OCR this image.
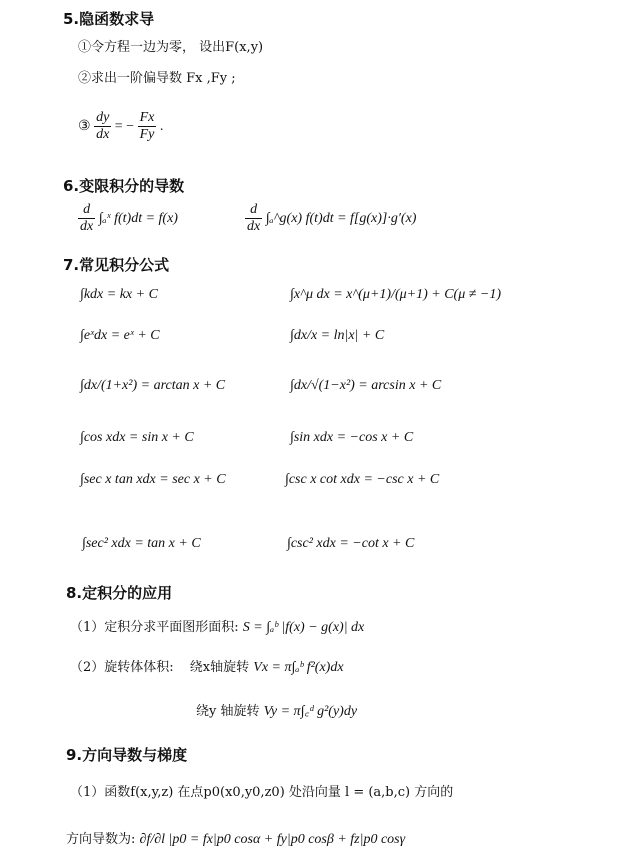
5.隐函数求导
①令方程一边为零， 设出F(x,y)
②求出一阶偏导数 Fx ,Fy ;
③ $\frac{dy}{dx}$ = − $\frac{Fx}{Fy}$ .
6.变限积分的导数
$\frac{d}{dx}$ ∫ₐˣ f(t)dt = f(x)	$\frac{d}{dx}$ ∫ₐ^g(x) f(t)dt = f[g(x)]·g′(x)
7.常见积分公式
∫kdx = kx + C	∫x^μ dx = x^(μ+1)/(μ+1) + C(μ ≠ −1)
∫eˣdx = eˣ + C	∫dx/x = ln|x| + C
∫dx/(1+x²) = arctan x + C	∫dx/√(1−x²) = arcsin x + C
∫cos xdx = sin x + C	∫sin xdx = −cos x + C
∫sec x tan xdx = sec x + C	∫csc x cot xdx = −csc x + C
∫sec² xdx = tan x + C	∫csc² xdx = −cot x + C
8.定积分的应用
（1）定积分求平面图形面积: S = ∫ₐᵇ |f(x) − g(x)| dx
（2）旋转体体积: 绕x轴旋转 Vx = π∫ₐᵇ f²(x)dx
绕y 轴旋转 Vy = π∫꜀ᵈ g²(y)dy
9.方向导数与梯度
（1）函数f(x,y,z) 在点p0(x0,y0,z0) 处沿向量 l = (a,b,c) 方向的
方向导数为: ∂f/∂l |p0 = fx|p0 cosα + fy|p0 cosβ + fz|p0 cosγ
